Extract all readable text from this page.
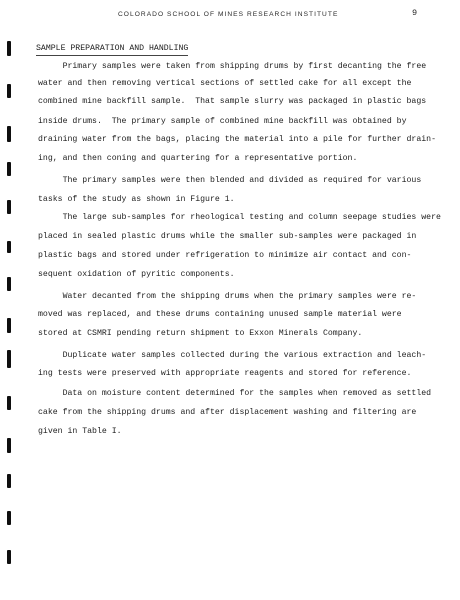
COLORADO SCHOOL OF MINES RESEARCH INSTITUTE	9
SAMPLE PREPARATION AND HANDLING
Primary samples were taken from shipping drums by first decanting the free
water and then removing vertical sections of settled cake for all except the
combined mine backfill sample.  That sample slurry was packaged in plastic bags
inside drums.  The primary sample of combined mine backfill was obtained by
draining water from the bags, placing the material into a pile for further drain-
ing, and then coning and quartering for a representative portion.
The primary samples were then blended and divided as required for various
tasks of the study as shown in Figure 1.
The large sub-samples for rheological testing and column seepage studies were
placed in sealed plastic drums while the smaller sub-samples were packaged in
plastic bags and stored under refrigeration to minimize air contact and con-
sequent oxidation of pyritic components.
Water decanted from the shipping drums when the primary samples were re-
moved was replaced, and these drums containing unused sample material were
stored at CSMRI pending return shipment to Exxon Minerals Company.
Duplicate water samples collected during the various extraction and leach-
ing tests were preserved with appropriate reagents and stored for reference.
Data on moisture content determined for the samples when removed as settled
cake from the shipping drums and after displacement washing and filtering are
given in Table I.
